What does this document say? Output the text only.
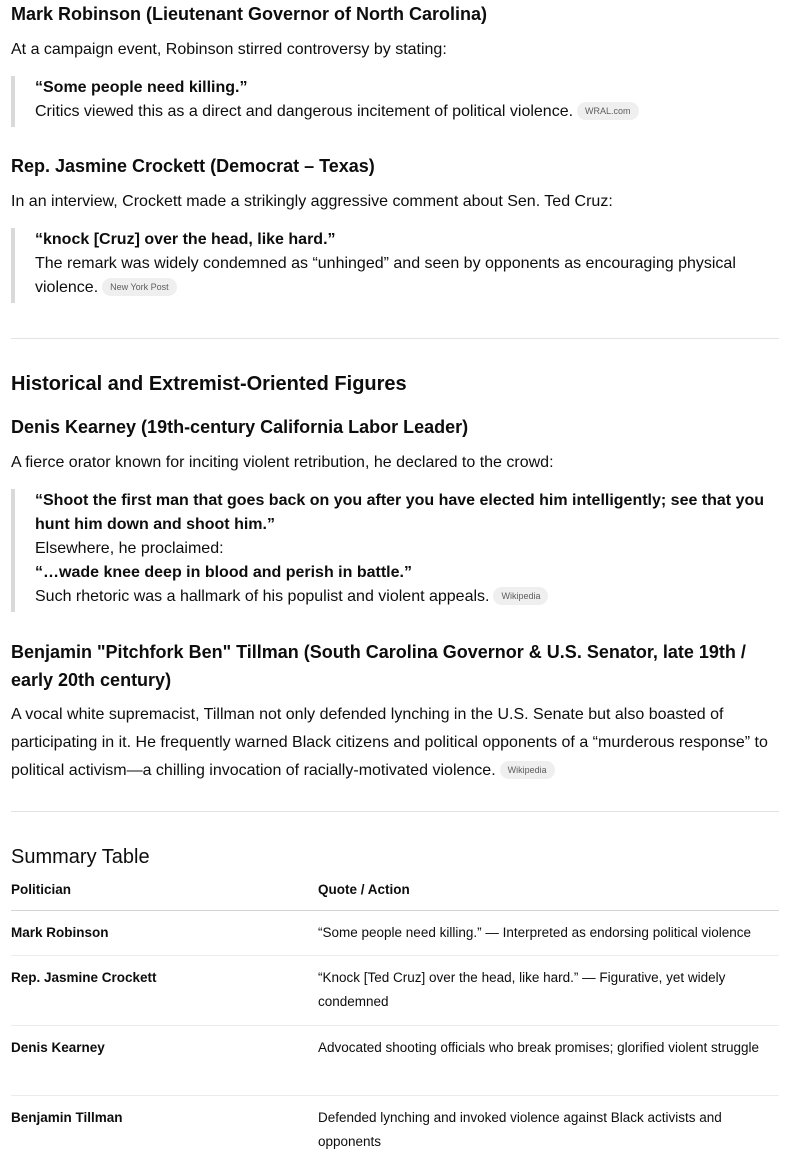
Mark Robinson (Lieutenant Governor of North Carolina)

At a campaign event, Robinson stirred controversy by stating:

“Some people need killing.”
Critics viewed this as a direct and dangerous incitement of political violence. WRAL.com
Rep. Jasmine Crockett (Democrat – Texas)

In an interview, Crockett made a strikingly aggressive comment about Sen. Ted Cruz:

“knock [Cruz] over the head, like hard.”
The remark was widely condemned as “unhinged” and seen by opponents as encouraging physical violence. New York Post
Historical and Extremist-Oriented Figures
Denis Kearney (19th-century California Labor Leader)

A fierce orator known for inciting violent retribution, he declared to the crowd:

“Shoot the first man that goes back on you after you have elected him intelligently; see that you hunt him down and shoot him.”
Elsewhere, he proclaimed:
“…wade knee deep in blood and perish in battle.”
Such rhetoric was a hallmark of his populist and violent appeals. Wikipedia
Benjamin "Pitchfork Ben" Tillman (South Carolina Governor & U.S. Senator, late 19th / early 20th century)

A vocal white supremacist, Tillman not only defended lynching in the U.S. Senate but also boasted of participating in it. He frequently warned Black citizens and political opponents of a “murderous response” to political activism—a chilling invocation of racially-motivated violence. Wikipedia

Summary Table
Politician	Quote / Action
Mark Robinson	“Some people need killing.” — Interpreted as endorsing political violence
Rep. Jasmine Crockett	“Knock [Ted Cruz] over the head, like hard.” — Figurative, yet widely condemned
Denis Kearney	Advocated shooting officials who break promises; glorified violent struggle
Benjamin Tillman	Defended lynching and invoked violence against Black activists and opponents
